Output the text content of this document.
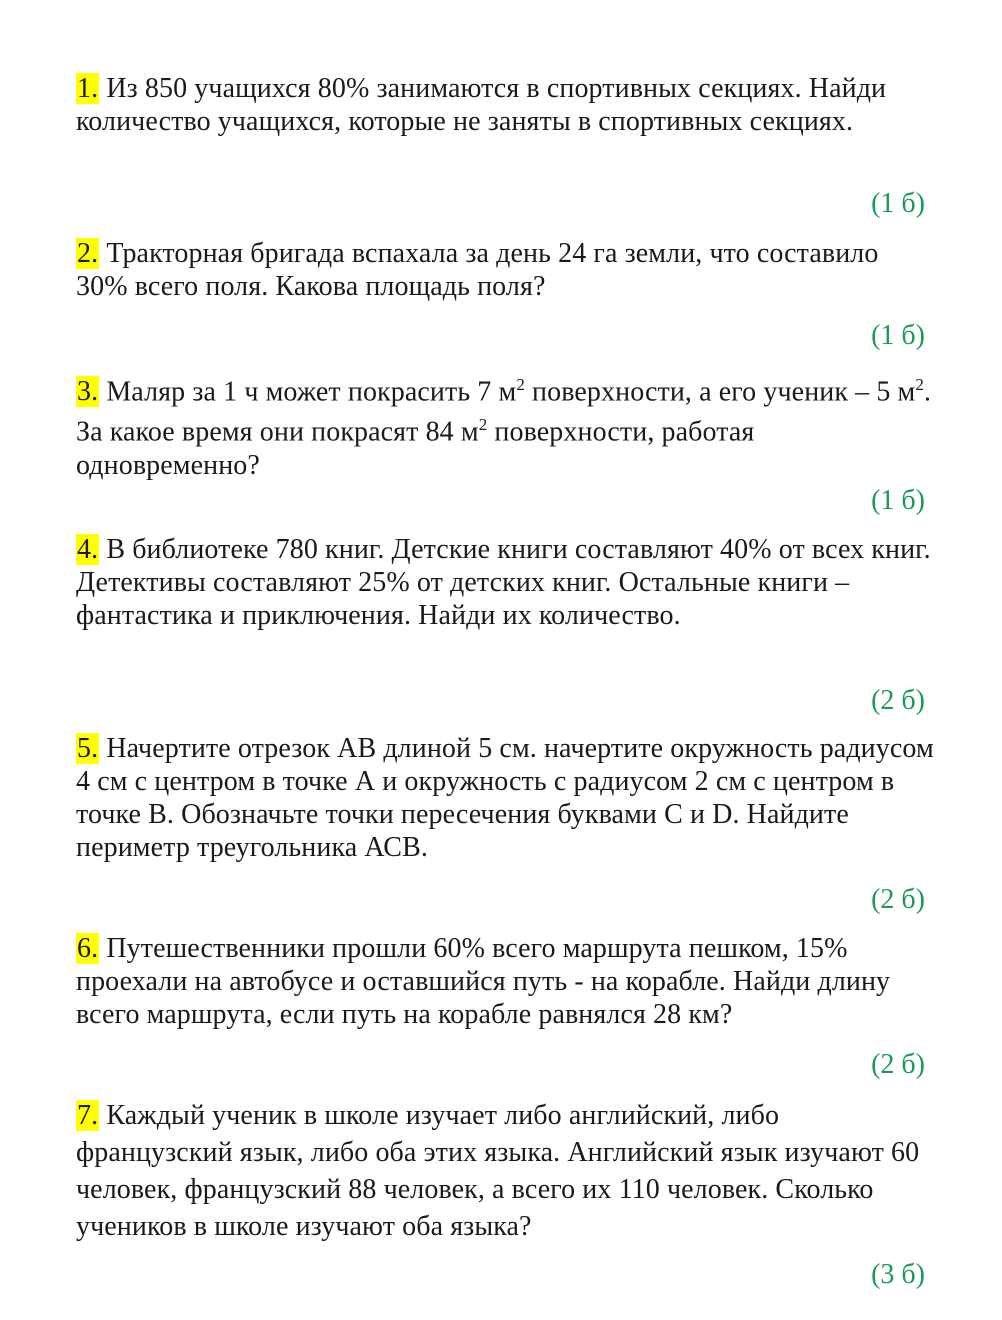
1. Из 850 учащихся 80% занимаются в спортивных секциях. Найди количество учащихся, которые не заняты в спортивных секциях.

(1 б)

2. Тракторная бригада вспахала за день 24 га земли, что составило 30% всего поля. Какова площадь поля?

(1 б)

3. Маляр за 1 ч может покрасить 7 $м^2$ поверхности, а его ученик – 5 $м^2$. За какое время они покрасят 84 $м^2$ поверхности, работая одновременно?

(1 б)

4. В библиотеке 780 книг. Детские книги составляют 40% от всех книг. Детективы составляют 25% от детских книг. Остальные книги – фантастика и приключения. Найди их количество.

(2 б)

5. Начертите отрезок АВ длиной 5 см. начертите окружность радиусом 4 см с центром в точке А и окружность с радиусом 2 см с центром в точке В. Обозначьте точки пересечения буквами С и D. Найдите периметр треугольника АСВ.

(2 б)

6. Путешественники прошли 60% всего маршрута пешком, 15% проехали на автобусе и оставшийся путь - на корабле. Найди длину всего маршрута, если путь на корабле равнялся 28 км?

(2 б)

7. Каждый ученик в школе изучает либо английский, либо французский язык, либо оба этих языка. Английский язык изучают 60 человек, французский 88 человек, а всего их 110 человек. Сколько учеников в школе изучают оба языка?

(3 б)
